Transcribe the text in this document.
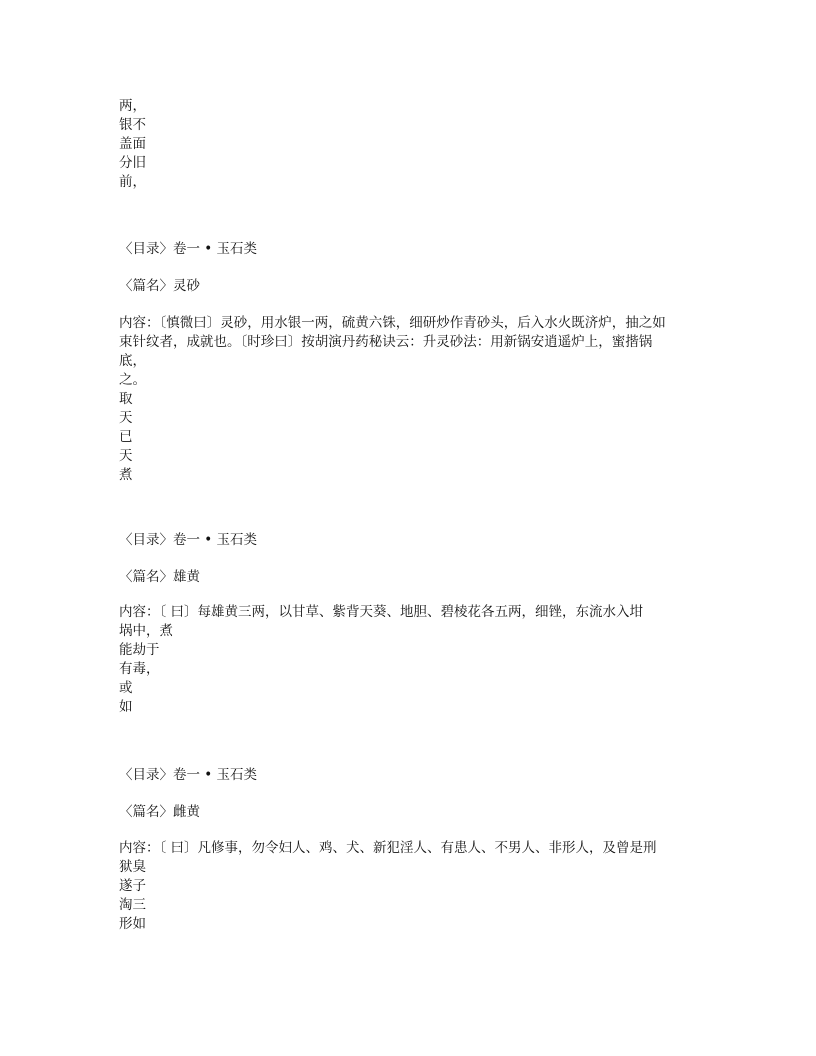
两，
银不
盖面
分旧
前，
〈目录〉卷一 • 玉石类
〈篇名〉灵砂
内容：〔慎微曰〕灵砂，用水银一两，硫黄六铢，细研炒作青砂头，后入水火既济炉，抽之如
束针纹者，成就也。〔时珍曰〕按胡演丹药秘诀云：升灵砂法：用新锅安逍遥炉上，蜜揩锅
底，
之。
取
天
已
天
煮
〈目录〉卷一 • 玉石类
〈篇名〉雄黄
内容：〔 曰〕每雄黄三两，以甘草、紫背天葵、地胆、碧棱花各五两，细锉，东流水入坩
埚中，煮
能劫于
有毒，
或
如
〈目录〉卷一 • 玉石类
〈篇名〉雌黄
内容：〔 曰〕凡修事，勿令妇人、鸡、犬、新犯淫人、有患人、不男人、非形人，及曾是刑
狱臭
遂子
淘三
形如
